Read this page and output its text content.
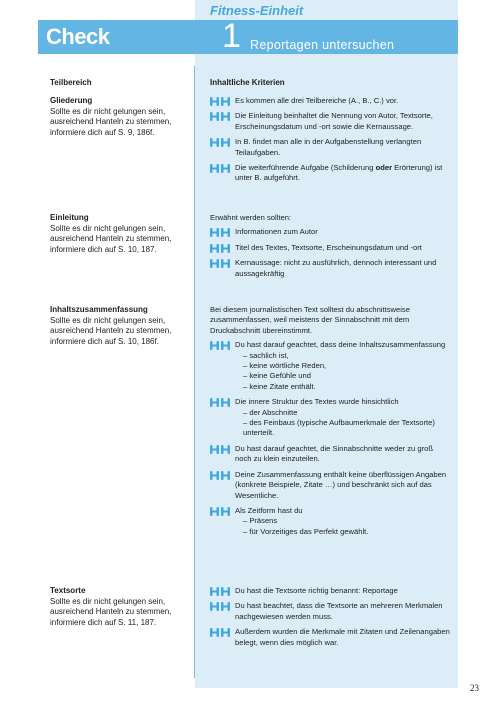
Check
Fitness-Einheit
1 Reportagen untersuchen
Teilbereich	Inhaltliche Kriterien
Gliederung
Sollte es dir nicht gelungen sein, ausreichend Hanteln zu stemmen, informiere dich auf S. 9, 186f.
Einleitung
Sollte es dir nicht gelungen sein, ausreichend Hanteln zu stemmen, informiere dich auf S. 10, 187.
Inhaltszusammenfassung
Sollte es dir nicht gelungen sein, ausreichend Hanteln zu stemmen, informiere dich auf S. 10, 186f.
Textsorte
Sollte es dir nicht gelungen sein, ausreichend Hanteln zu stemmen, informiere dich auf S. 11, 187.
Es kommen alle drei Teilbereiche (A., B., C.) vor.
Die Einleitung beinhaltet die Nennung von Autor, Textsorte, Erscheinungsdatum und -ort sowie die Kernaussage.
In B. findet man alle in der Aufgabenstellung verlangten Teilaufgaben.
Die weiterführende Aufgabe (Schilderung oder Erörterung) ist unter B. aufgeführt.
Erwähnt werden sollten:
Informationen zum Autor
Titel des Textes, Textsorte, Erscheinungsdatum und -ort
Kernaussage: nicht zu ausführlich, dennoch interessant und aussagekräftig
Bei diesem journalistischen Text solltest du abschnittsweise zusammenfassen, weil meistens der Sinnabschnitt mit dem Druckabschnitt übereinstimmt.
Du hast darauf geachtet, dass deine Inhaltszusammenfassung
– sachlich ist,
– keine wörtliche Reden,
– keine Gefühle und
– keine Zitate enthält.
Die innere Struktur des Textes wurde hinsichtlich
– der Abschnitte
– des Feinbaus (typische Aufbaumerkmale der Textsorte) unterteilt.
Du hast darauf geachtet, die Sinnabschnitte weder zu groß noch zu klein einzuteilen.
Deine Zusammenfassung enthält keine überflüssigen Angaben (konkrete Beispiele, Zitate …) und beschränkt sich auf das Wesentliche.
Als Zeitform hast du
– Präsens
– für Vorzeitiges das Perfekt gewählt.
Du hast die Textsorte richtig benannt: Reportage
Du hast beachtet, dass die Textsorte an mehreren Merkmalen nachgewiesen werden muss.
Außerdem wurden die Merkmale mit Zitaten und Zeilenangaben belegt, wenn dies möglich war.
23
